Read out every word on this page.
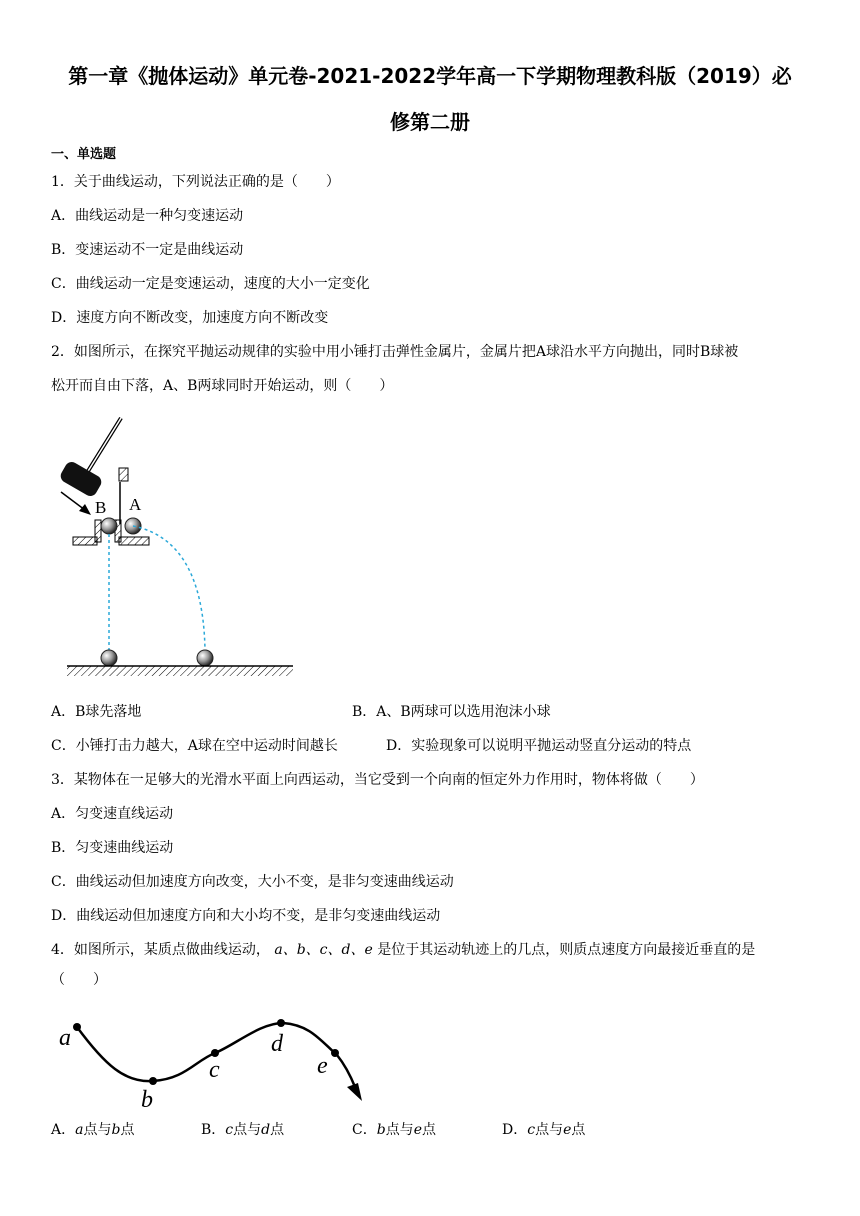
第一章《抛体运动》单元卷-2021-2022学年高一下学期物理教科版（2019）必
修第二册
一、单选题
1．关于曲线运动，下列说法正确的是（　　）
A．曲线运动是一种匀变速运动
B．变速运动不一定是曲线运动
C．曲线运动一定是变速运动，速度的大小一定变化
D．速度方向不断改变，加速度方向不断改变
2．如图所示，在探究平抛运动规律的实验中用小锤打击弹性金属片，金属片把A球沿水平方向抛出，同时B球被
松开而自由下落，A、B两球同时开始运动，则（　　）
B A
A．B球先落地	B．A、B两球可以选用泡沫小球
C．小锤打击力越大，A球在空中运动时间越长	D．实验现象可以说明平抛运动竖直分运动的特点
3．某物体在一足够大的光滑水平面上向西运动，当它受到一个向南的恒定外力作用时，物体将做（　　）
A．匀变速直线运动
B．匀变速曲线运动
C．曲线运动但加速度方向改变，大小不变，是非匀变速曲线运动
D．曲线运动但加速度方向和大小均不变，是非匀变速曲线运动
4．如图所示，某质点做曲线运动， a、b、c、d、e 是位于其运动轨迹上的几点，则质点速度方向最接近垂直的是
（　　）
a
b
c
d
e
A．a点与b点	B．c点与d点	C．b点与e点	D．c点与e点
